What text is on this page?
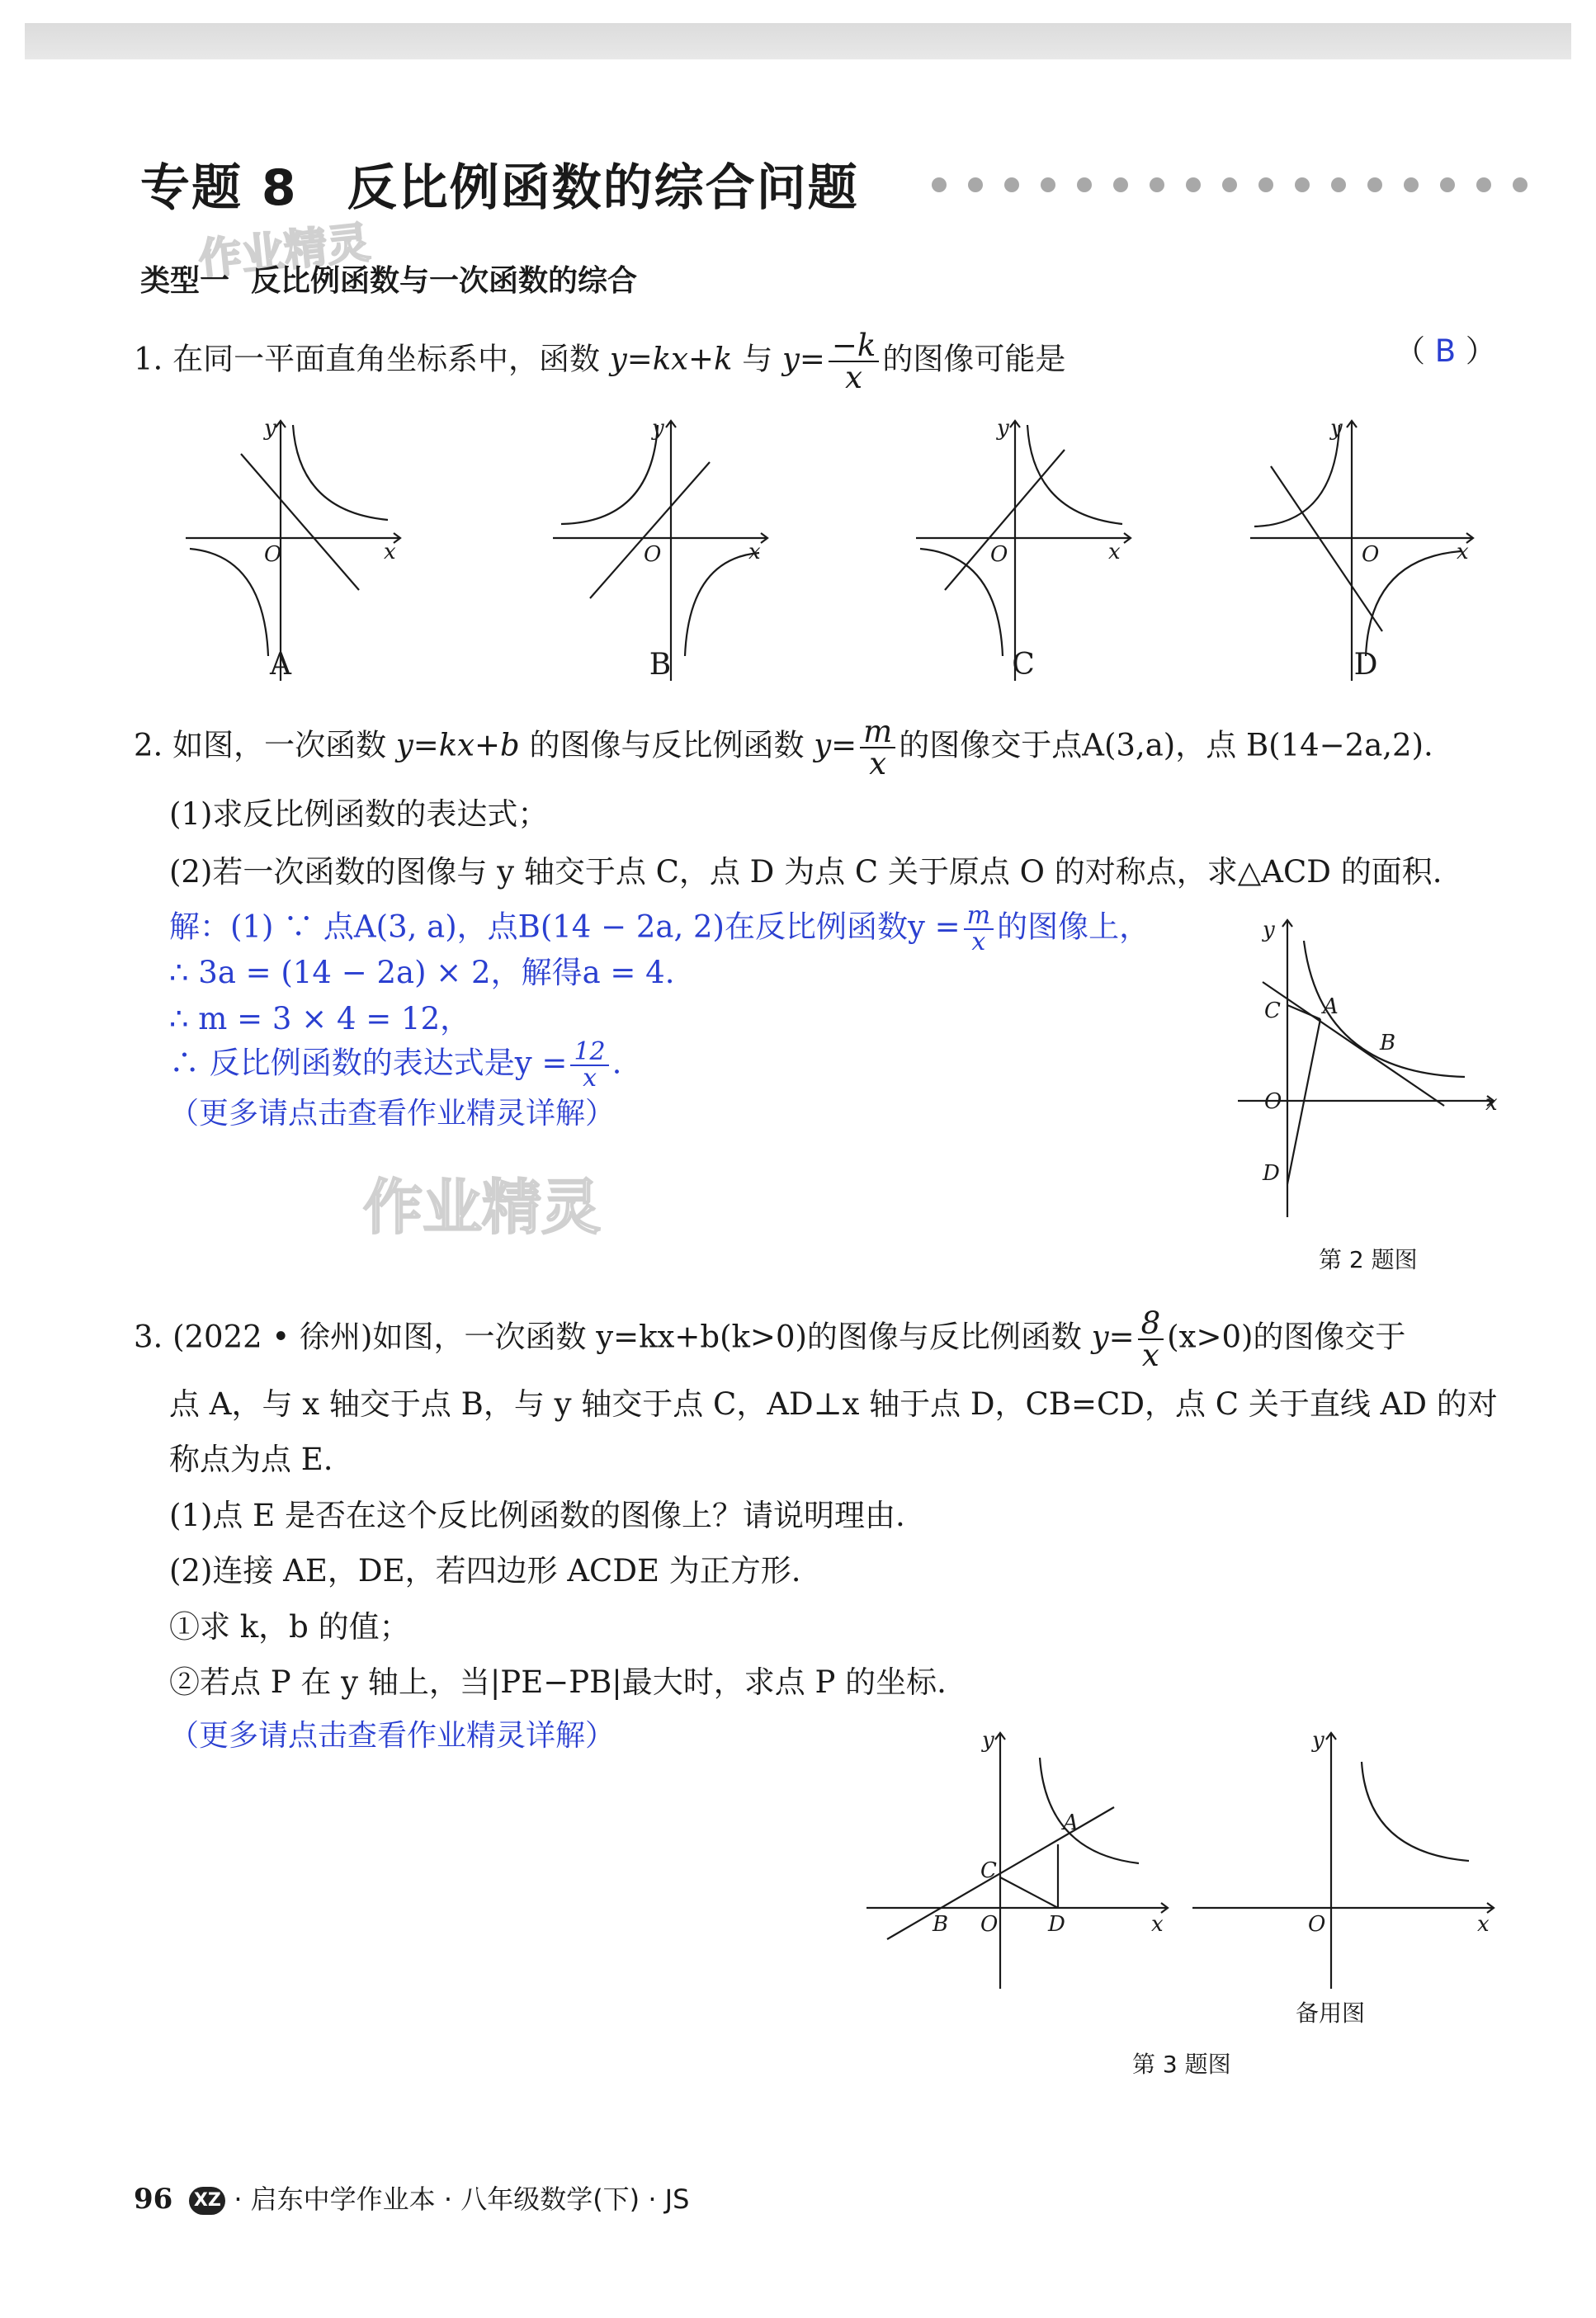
专题 8 反比例函数的综合问题
作业精灵
作业精灵
类型一 反比例函数与一次函数的综合
1. 在同一平面直角坐标系中，函数 y=kx+k 与 $y= \frac{-k}{x}$ 的图像可能是	（ B ）
O	x
y
A
O	x
y
B
O	x
y
C
O	x
y
D
2. 如图，一次函数 y=kx+b 的图像与反比例函数 $y= \frac{m}{x}$ 的图像交于点A(3,a)，点 B(14−2a,2).
(1)求反比例函数的表达式；
(2)若一次函数的图像与 y 轴交于点 C，点 D 为点 C 关于原点 O 的对称点，求△ACD 的面积.
解：(1) ∵ 点A(3, a)，点B(14 − 2a, 2)在反比例函数$y = \frac{m}{x}$ 的图像上，
∴ 3a = (14 − 2a) × 2，解得a = 4.
∴ m = 3 × 4 = 12，
∴ 反比例函数的表达式是$y = \frac{12}{x}$ .
（更多请点击查看作业精灵详解）
C A
B
O
D
x
y
第 2 题图
3. (2022 • 徐州)如图，一次函数 y=kx+b(k>0)的图像与反比例函数 $y= \frac{8}{x} (x>0)$的图像交于
点 A，与 x 轴交于点 B，与 y 轴交于点 C，AD⊥x 轴于点 D，CB=CD，点 C 关于直线 AD 的对
称点为点 E.
(1)点 E 是否在这个反比例函数的图像上？请说明理由.
(2)连接 AE，DE，若四边形 ACDE 为正方形.
①求 k，b 的值；
②若点 P 在 y 轴上，当|PE−PB|最大时，求点 P 的坐标.
（更多请点击查看作业精灵详解）
A
C
B O D	x
y
O	x
y
备用图
第 3 题图
96 XZ · 启东中学作业本 · 八年级数学(下) · JS
